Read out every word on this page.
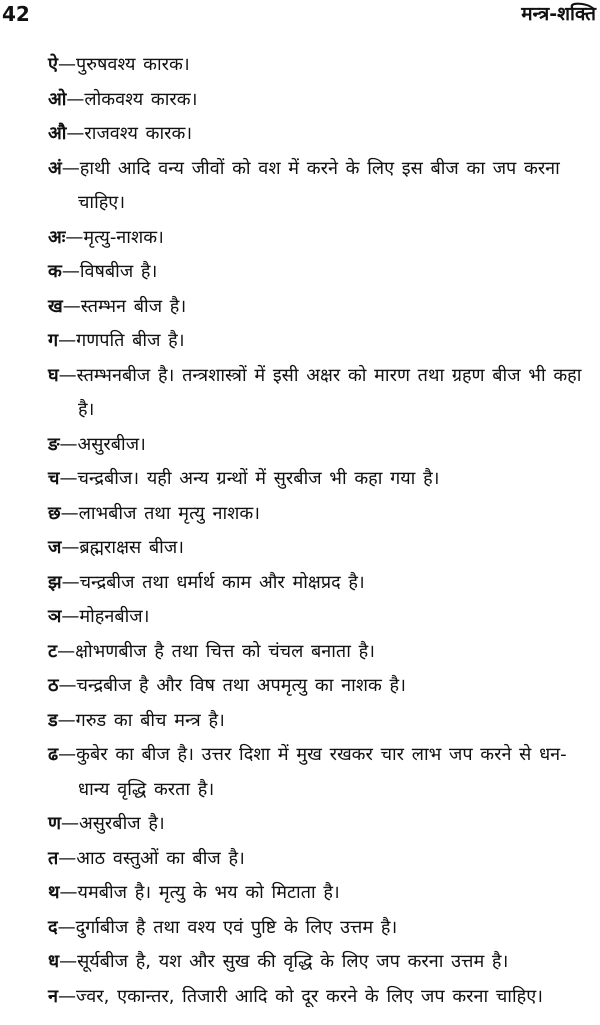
42	मन्त्र-शक्ति
ऐ—पुरुषवश्य कारक।
ओ—लोकवश्य कारक।
औ—राजवश्य कारक।
अं—हाथी आदि वन्य जीवों को वश में करने के लिए इस बीज का जप करना चाहिए।
अः—मृत्यु-नाशक।
क—विषबीज है।
ख—स्तम्भन बीज है।
ग—गणपति बीज है।
घ—स्तम्भनबीज है। तन्त्रशास्त्रों में इसी अक्षर को मारण तथा ग्रहण बीज भी कहा है।
ङ—असुरबीज।
च—चन्द्रबीज। यही अन्य ग्रन्थों में सुरबीज भी कहा गया है।
छ—लाभबीज तथा मृत्यु नाशक।
ज—ब्रह्मराक्षस बीज।
झ—चन्द्रबीज तथा धर्मार्थ काम और मोक्षप्रद है।
ञ—मोहनबीज।
ट—क्षोभणबीज है तथा चित्त को चंचल बनाता है।
ठ—चन्द्रबीज है और विष तथा अपमृत्यु का नाशक है।
ड—गरुड का बीच मन्त्र है।
ढ—कुबेर का बीज है। उत्तर दिशा में मुख रखकर चार लाभ जप करने से धन-धान्य वृद्धि करता है।
ण—असुरबीज है।
त—आठ वस्तुओं का बीज है।
थ—यमबीज है। मृत्यु के भय को मिटाता है।
द—दुर्गाबीज है तथा वश्य एवं पुष्टि के लिए उत्तम है।
ध—सूर्यबीज है, यश और सुख की वृद्धि के लिए जप करना उत्तम है।
न—ज्वर, एकान्तर, तिजारी आदि को दूर करने के लिए जप करना चाहिए।
